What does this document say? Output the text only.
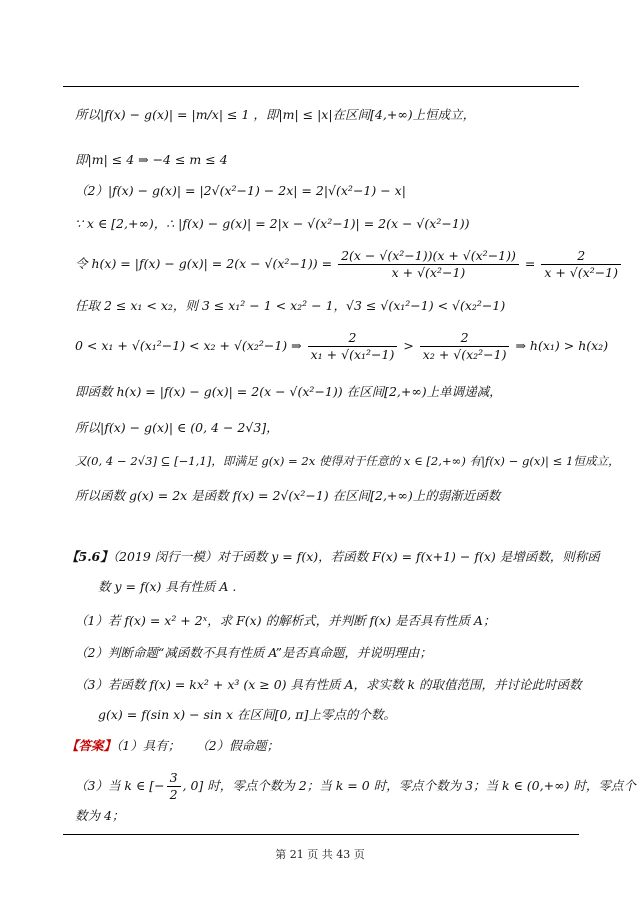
所以|f(x) − g(x)| = |m/x| ≤ 1 ，即|m| ≤ |x|在区间[4,+∞)上恒成立，
即|m| ≤ 4 ⇒ −4 ≤ m ≤ 4
（2）|f(x) − g(x)| = |2√(x²−1) − 2x| = 2|√(x²−1) − x|
∵ x ∈ [2,+∞)，∴ |f(x) − g(x)| = 2|x − √(x²−1)| = 2(x − √(x²−1))
令 $h(x) = |f(x) - g(x)| = 2(x - √(x^2-1)) = \frac{\text{2(x − √(x²−1))(x + √(x²−1))}}{\text{x + √(x²−1)}} = \frac{2}{\text{x + √(x²−1)}}$
任取 2 ≤ x₁ < x₂，则 3 ≤ x₁² − 1 < x₂² − 1，√3 ≤ √(x₁²−1) < √(x₂²−1)
0 < x₁ + √(x₁²−1) < x₂ + √(x₂²−1) ⇒ $\frac{2}{\text{x₁ + √(x₁²−1)}} > \frac{2}{\text{x₂ + √(x₂²−1)}}$ ⇒ h(x₁) > h(x₂)
即函数 h(x) = |f(x) − g(x)| = 2(x − √(x²−1)) 在区间[2,+∞)上单调递减，
所以|f(x) − g(x)| ∈ (0, 4 − 2√3]，
又(0, 4 − 2√3] ⊆ [−1,1]，即满足 g(x) = 2x 使得对于任意的 x ∈ [2,+∞) 有|f(x) − g(x)| ≤ 1恒成立，
所以函数 g(x) = 2x 是函数 f(x) = 2√(x²−1) 在区间[2,+∞)上的弱渐近函数
【5.6】（2019 闵行一模）对于函数 y = f(x)，若函数 F(x) = f(x+1) − f(x) 是增函数，则称函
数 y = f(x) 具有性质 A .
（1）若 f(x) = x² + 2ˣ，求 F(x) 的解析式，并判断 f(x) 是否具有性质 A；
（2）判断命题“减函数不具有性质 A”是否真命题，并说明理由；
（3）若函数 f(x) = kx² + x³ (x ≥ 0) 具有性质 A，求实数 k 的取值范围，并讨论此时函数
g(x) = f(sin x) − sin x 在区间[0, π]上零点的个数。
【答案】（1）具有； （2）假命题；
（3）当 k ∈ [− $\frac{3}{2}$ , 0] 时，零点个数为 2；当 k = 0 时，零点个数为 3；当 k ∈ (0,+∞) 时，零点个
数为 4；
第 21 页 共 43 页
